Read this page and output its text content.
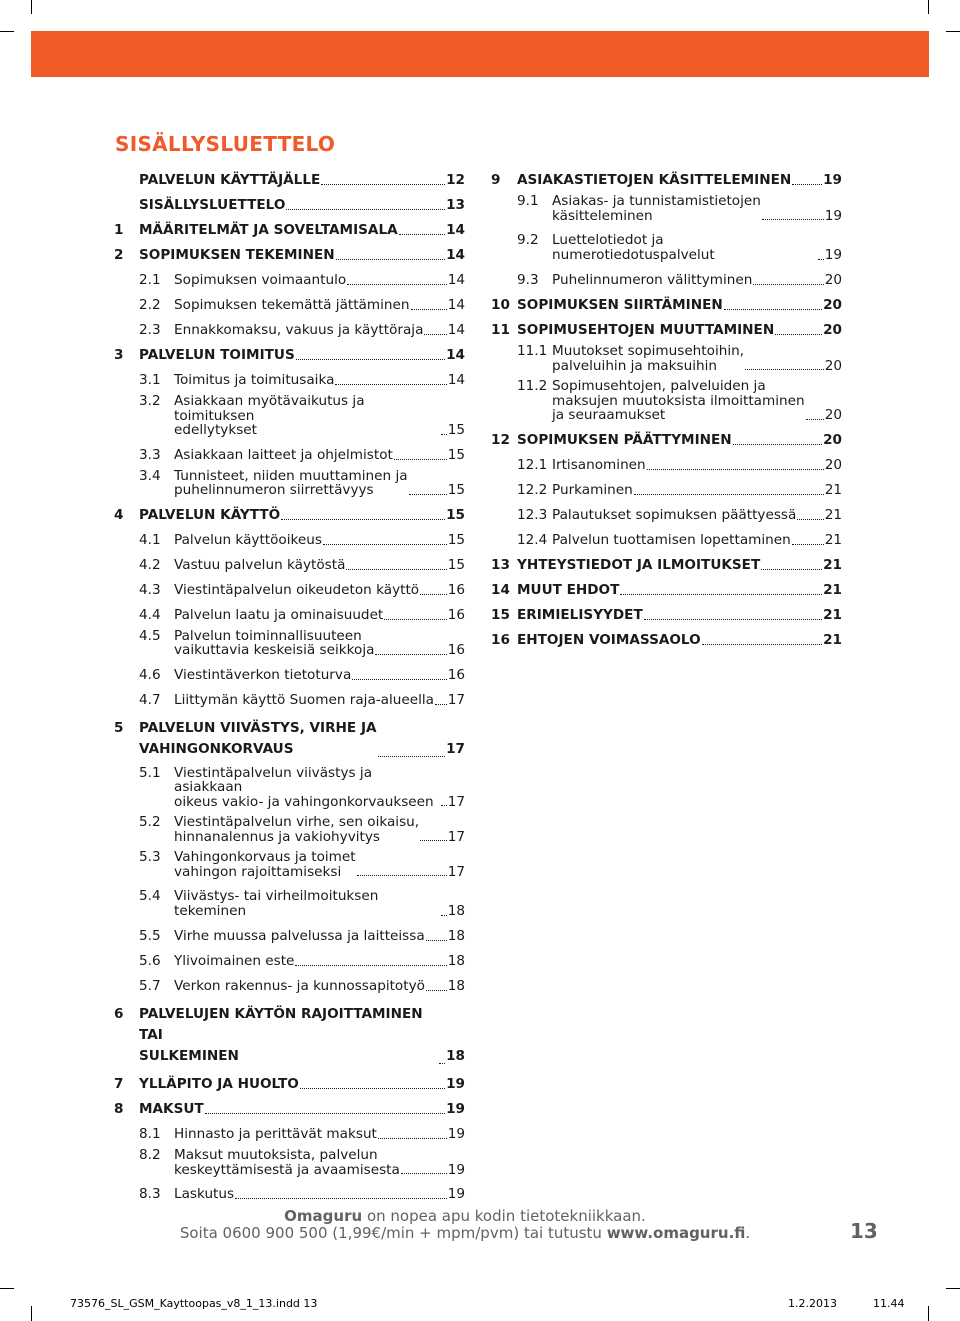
SISÄLLYSLUETTELO
PALVELUN KÄYTTÄJÄLLE	12
SISÄLLYSLUETTELO	13
1	MÄÄRITELMÄT JA SOVELTAMISALA	14
2	SOPIMUKSEN TEKEMINEN	14
2.1 Sopimuksen voimaantulo	14
2.2 Sopimuksen tekemättä jättäminen	14
2.3 Ennakkomaksu, vakuus ja käyttöraja 14
3	PALVELUN TOIMITUS	14
3.1 Toimitus ja toimitusaika	14
3.2 Asiakkaan myötävaikutus ja toimituksen
edellytykset	15
3.3 Asiakkaan laitteet ja ohjelmistot	15
3.4 Tunnisteet, niiden muuttaminen ja
puhelinnumeron siirrettävyys	15
4	PALVELUN KÄYTTÖ	15
4.1 Palvelun käyttöoikeus	15
4.2 Vastuu palvelun käytöstä	15
4.3 Viestintäpalvelun oikeudeton käyttö 16
4.4 Palvelun laatu ja ominaisuudet	16
4.5 Palvelun toiminnallisuuteen
vaikuttavia keskeisiä seikkoja	16
4.6 Viestintäverkon tietoturva	16
4.7 Liittymän käyttö Suomen raja-alueella 17
5	PALVELUN VIIVÄSTYS, VIRHE JA
VAHINGONKORVAUS	17
5.1 Viestintäpalvelun viivästys ja asiakkaan
oikeus vakio- ja vahingonkorvaukseen	17
5.2 Viestintäpalvelun virhe, sen oikaisu,
hinnanalennus ja vakiohyvitys	17
5.3 Vahingonkorvaus ja toimet
vahingon rajoittamiseksi	17
5.4 Viivästys- tai virheilmoituksen tekeminen	18
5.5 Virhe muussa palvelussa ja laitteissa 18
5.6 Ylivoimainen este	18
5.7 Verkon rakennus- ja kunnossapitotyö 18
6	PALVELUJEN KÄYTÖN RAJOITTAMINEN TAI
SULKEMINEN	18
7	YLLÄPITO JA HUOLTO	19
8	MAKSUT	19
8.1 Hinnasto ja perittävät maksut	19
8.2 Maksut muutoksista, palvelun
keskeyttämisestä ja avaamisesta	19
8.3 Laskutus	19
9	ASIAKASTIETOJEN KÄSITTELEMINEN 19
9.1 Asiakas- ja tunnistamistietojen
käsitteleminen	19
9.2 Luettelotiedot ja numerotiedotuspalvelut	19
9.3 Puhelinnumeron välittyminen	20
10 SOPIMUKSEN SIIRTÄMINEN	20
11 SOPIMUSEHTOJEN MUUTTAMINEN	20
11.1 Muutokset sopimusehtoihin,
palveluihin ja maksuihin	20
11.2 Sopimusehtojen, palveluiden ja
maksujen muutoksista ilmoittaminen
ja seuraamukset	20
12 SOPIMUKSEN PÄÄTTYMINEN	20
12.1 Irtisanominen	20
12.2 Purkaminen	21
12.3 Palautukset sopimuksen päättyessä 21
12.4 Palvelun tuottamisen lopettaminen 21
13 YHTEYSTIEDOT JA ILMOITUKSET	21
14 MUUT EHDOT	21
15 ERIMIELISYYDET	21
16 EHTOJEN VOIMASSAOLO	21
Omaguru on nopea apu kodin tietotekniikkaan.
Soita 0600 900 500 (1,99€/min + mpm/pvm) tai tutustu www.omaguru.fi.	13
73576_SL_GSM_Kayttoopas_v8_1_13.indd 13	1.2.2013	11.44
